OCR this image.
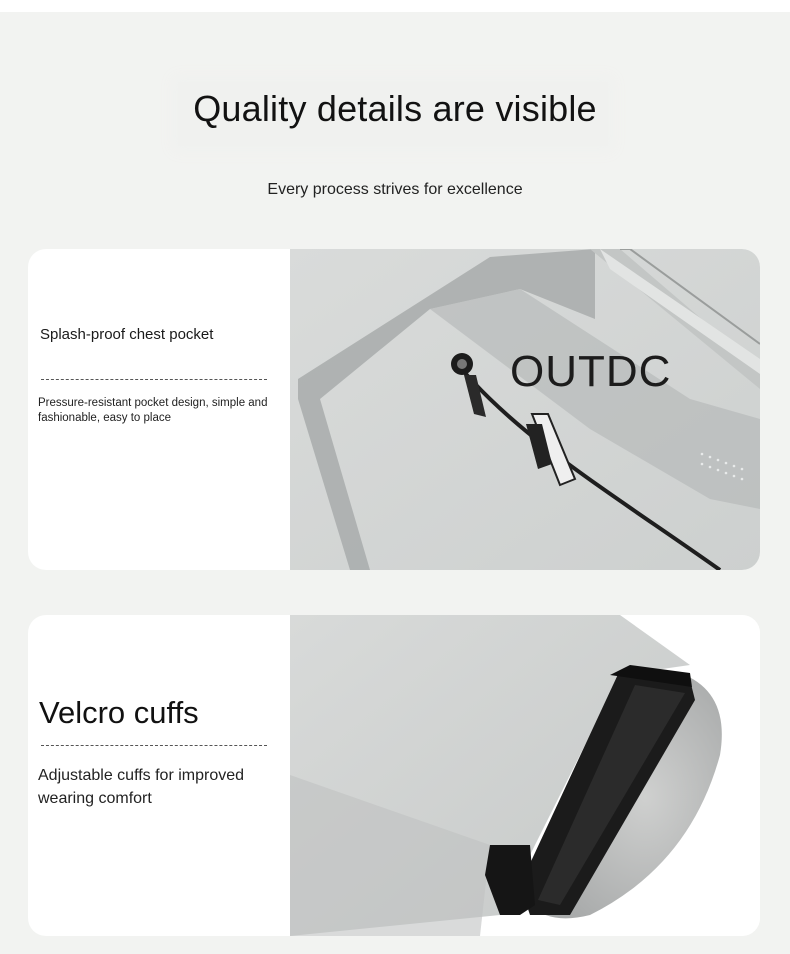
Quality details are visible

Every process strives for excellence

Splash-proof chest pocket
Pressure-resistant pocket design, simple and fashionable, easy to place
OUTDC
Velcro cuffs
Adjustable cuffs for improved wearing comfort
